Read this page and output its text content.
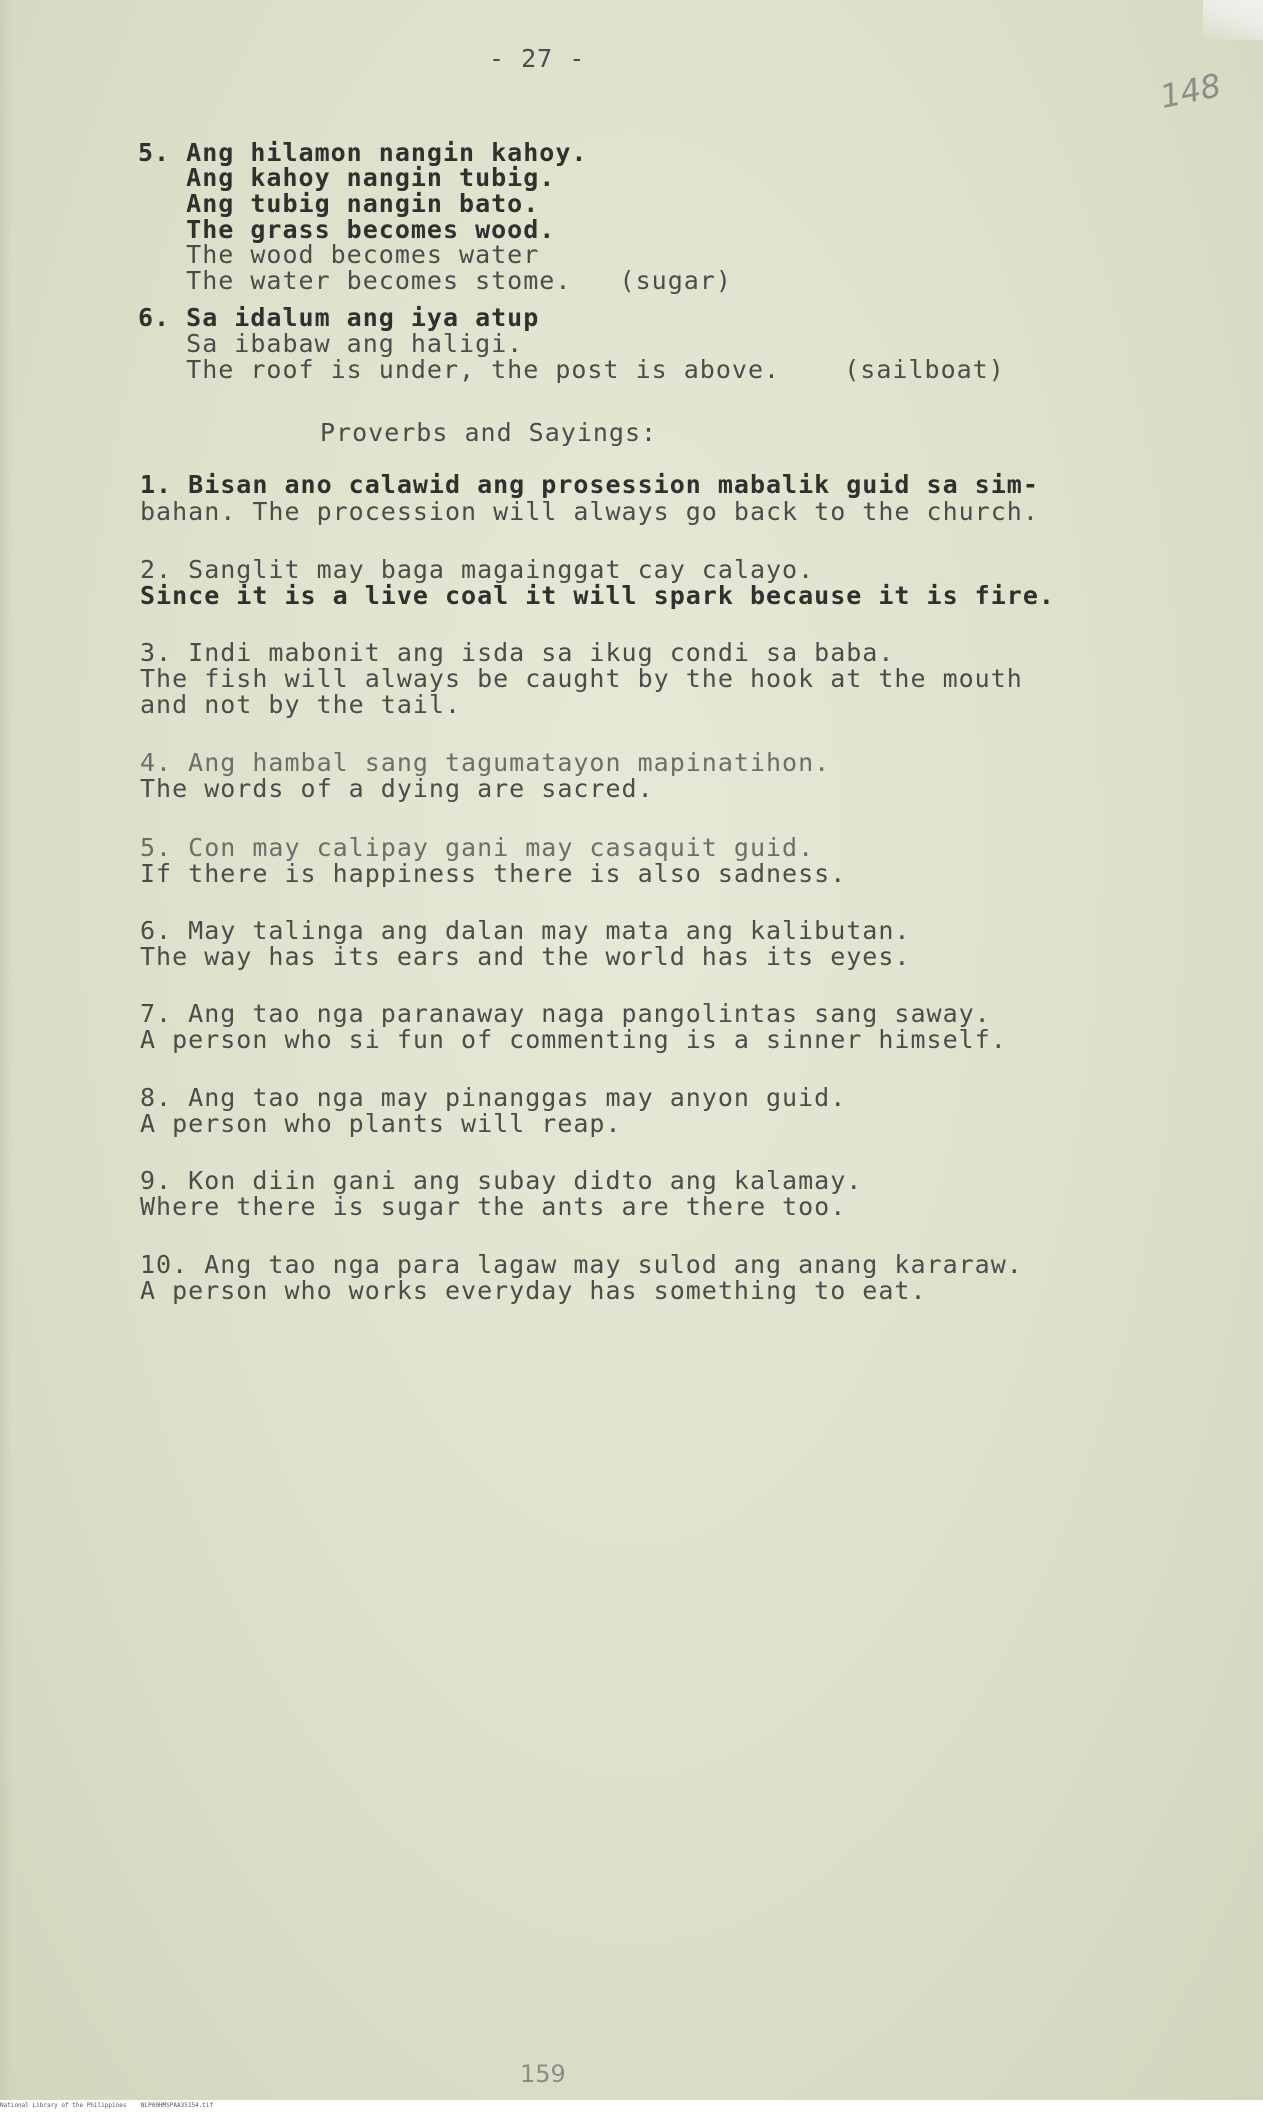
- 27 -
148
5. Ang hilamon nangin kahoy.
Ang kahoy nangin tubig.
Ang tubig nangin bato.
The grass becomes wood.
The wood becomes water
The water becomes stome.   (sugar)
6. Sa idalum ang iya atup
Sa ibabaw ang haligi.
The roof is under, the post is above.    (sailboat)
Proverbs and Sayings:
1. Bisan ano calawid ang prosession mabalik guid sa sim-
bahan. The procession will always go back to the church.
2. Sanglit may baga magainggat cay calayo.
Since it is a live coal it will spark because it is fire.
3. Indi mabonit ang isda sa ikug condi sa baba.
The fish will always be caught by the hook at the mouth
and not by the tail.
4. Ang hambal sang tagumatayon mapinatihon.
The words of a dying are sacred.
5. Con may calipay gani may casaquit guid.
If there is happiness there is also sadness.
6. May talinga ang dalan may mata ang kalibutan.
The way has its ears and the world has its eyes.
7. Ang tao nga paranaway naga pangolintas sang saway.
A person who si fun of commenting is a sinner himself.
8. Ang tao nga may pinanggas may anyon guid.
A person who plants will reap.
9. Kon diin gani ang subay didto ang kalamay.
Where there is sugar the ants are there too.
10. Ang tao nga para lagaw may sulod ang anang kararaw.
A person who works everyday has something to eat.
159
National Library of the Philippines    NLP00HMSPAA35154.tif
